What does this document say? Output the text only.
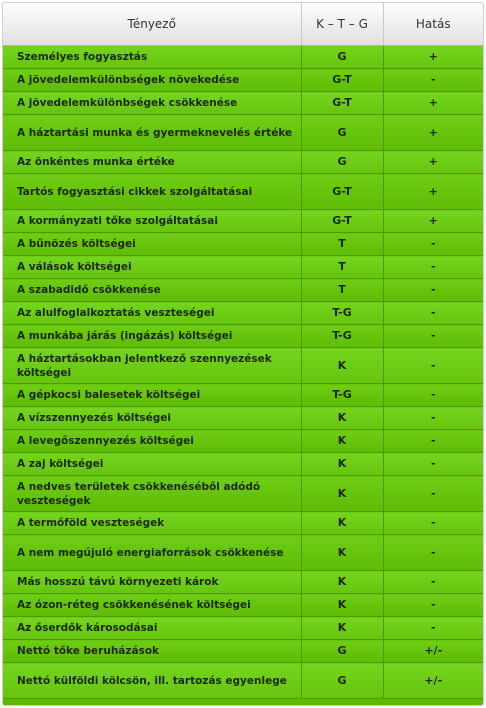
Tényező	K – T – G	Hatás
Személyes fogyasztás	G	+
A jövedelemkülönbségek növekedése	G-T	-
A jövedelemkülönbségek csökkenése	G-T	+
A háztartási munka és gyermeknevelés értéke	G	+
Az önkéntes munka értéke	G	+
Tartós fogyasztási cikkek szolgáltatásai	G-T	+
A kormányzati tőke szolgáltatásai	G-T	+
A bűnözés költségei	T	-
A válások költségei	T	-
A szabadidő csökkenése	T	-
Az alulfoglalkoztatás veszteségei	T-G	-
A munkába járás (ingázás) költségei	T-G	-
A háztartásokban jelentkező szennyezések költségei	K	-
A gépkocsi balesetek költségei	T-G	-
A vízszennyezés költségei	K	-
A levegőszennyezés költségei	K	-
A zaj költségei	K	-
A nedves területek csökkenéséből adódó veszteségek	K	-
A termőföld veszteségek	K	-
A nem megújuló energiaforrások csökkenése	K	-
Más hosszú távú környezeti károk	K	-
Az ózon-réteg csökkenésének költségei	K	-
Az őserdők károsodásai	K	-
Nettó tőke beruházások	G	+/-
Nettó külföldi kölcsön, ill. tartozás egyenlege	G	+/-
